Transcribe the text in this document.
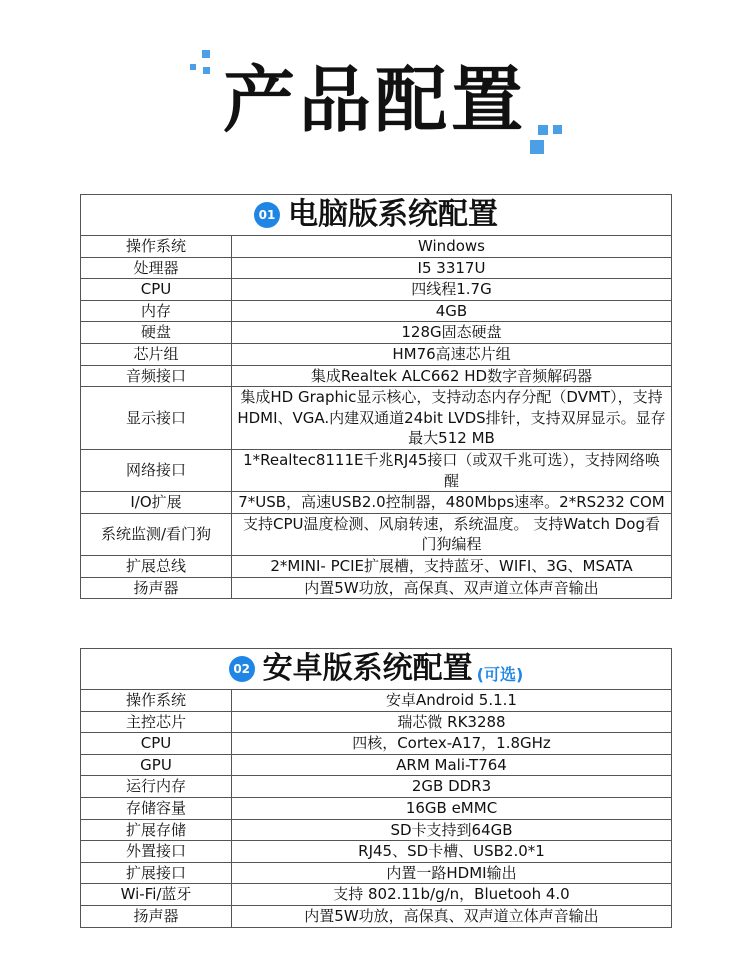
产品配置
01 电脑版系统配置
操作系统	Windows
处理器	I5 3317U
CPU	四线程1.7G
内存	4GB
硬盘	128G固态硬盘
芯片组	HM76高速芯片组
音频接口	集成Realtek ALC662 HD数字音频解码器
显示接口	集成HD Graphic显示核心，支持动态内存分配（DVMT），支持HDMI、VGA.内建双通道24bit LVDS排针，支持双屏显示。显存最大512 MB
网络接口	1*Realtec8111E千兆RJ45接口（或双千兆可选），支持网络唤醒
I/O扩展	7*USB，高速USB2.0控制器，480Mbps速率。2*RS232 COM
系统监测/看门狗	支持CPU温度检测、风扇转速，系统温度。 支持Watch Dog看门狗编程
扩展总线	2*MINI- PCIE扩展槽，支持蓝牙、WIFI、3G、MSATA
扬声器	内置5W功放，高保真、双声道立体声音输出
02 安卓版系统配置 (可选)
操作系统	安卓Android 5.1.1
主控芯片	瑞芯微 RK3288
CPU	四核，Cortex-A17，1.8GHz
GPU	ARM Mali-T764
运行内存	2GB DDR3
存储容量	16GB eMMC
扩展存储	SD卡支持到64GB
外置接口	RJ45、SD卡槽、USB2.0*1
扩展接口	内置一路HDMI输出
Wi-Fi/蓝牙	支持 802.11b/g/n，Bluetooh 4.0
扬声器	内置5W功放，高保真、双声道立体声音输出
